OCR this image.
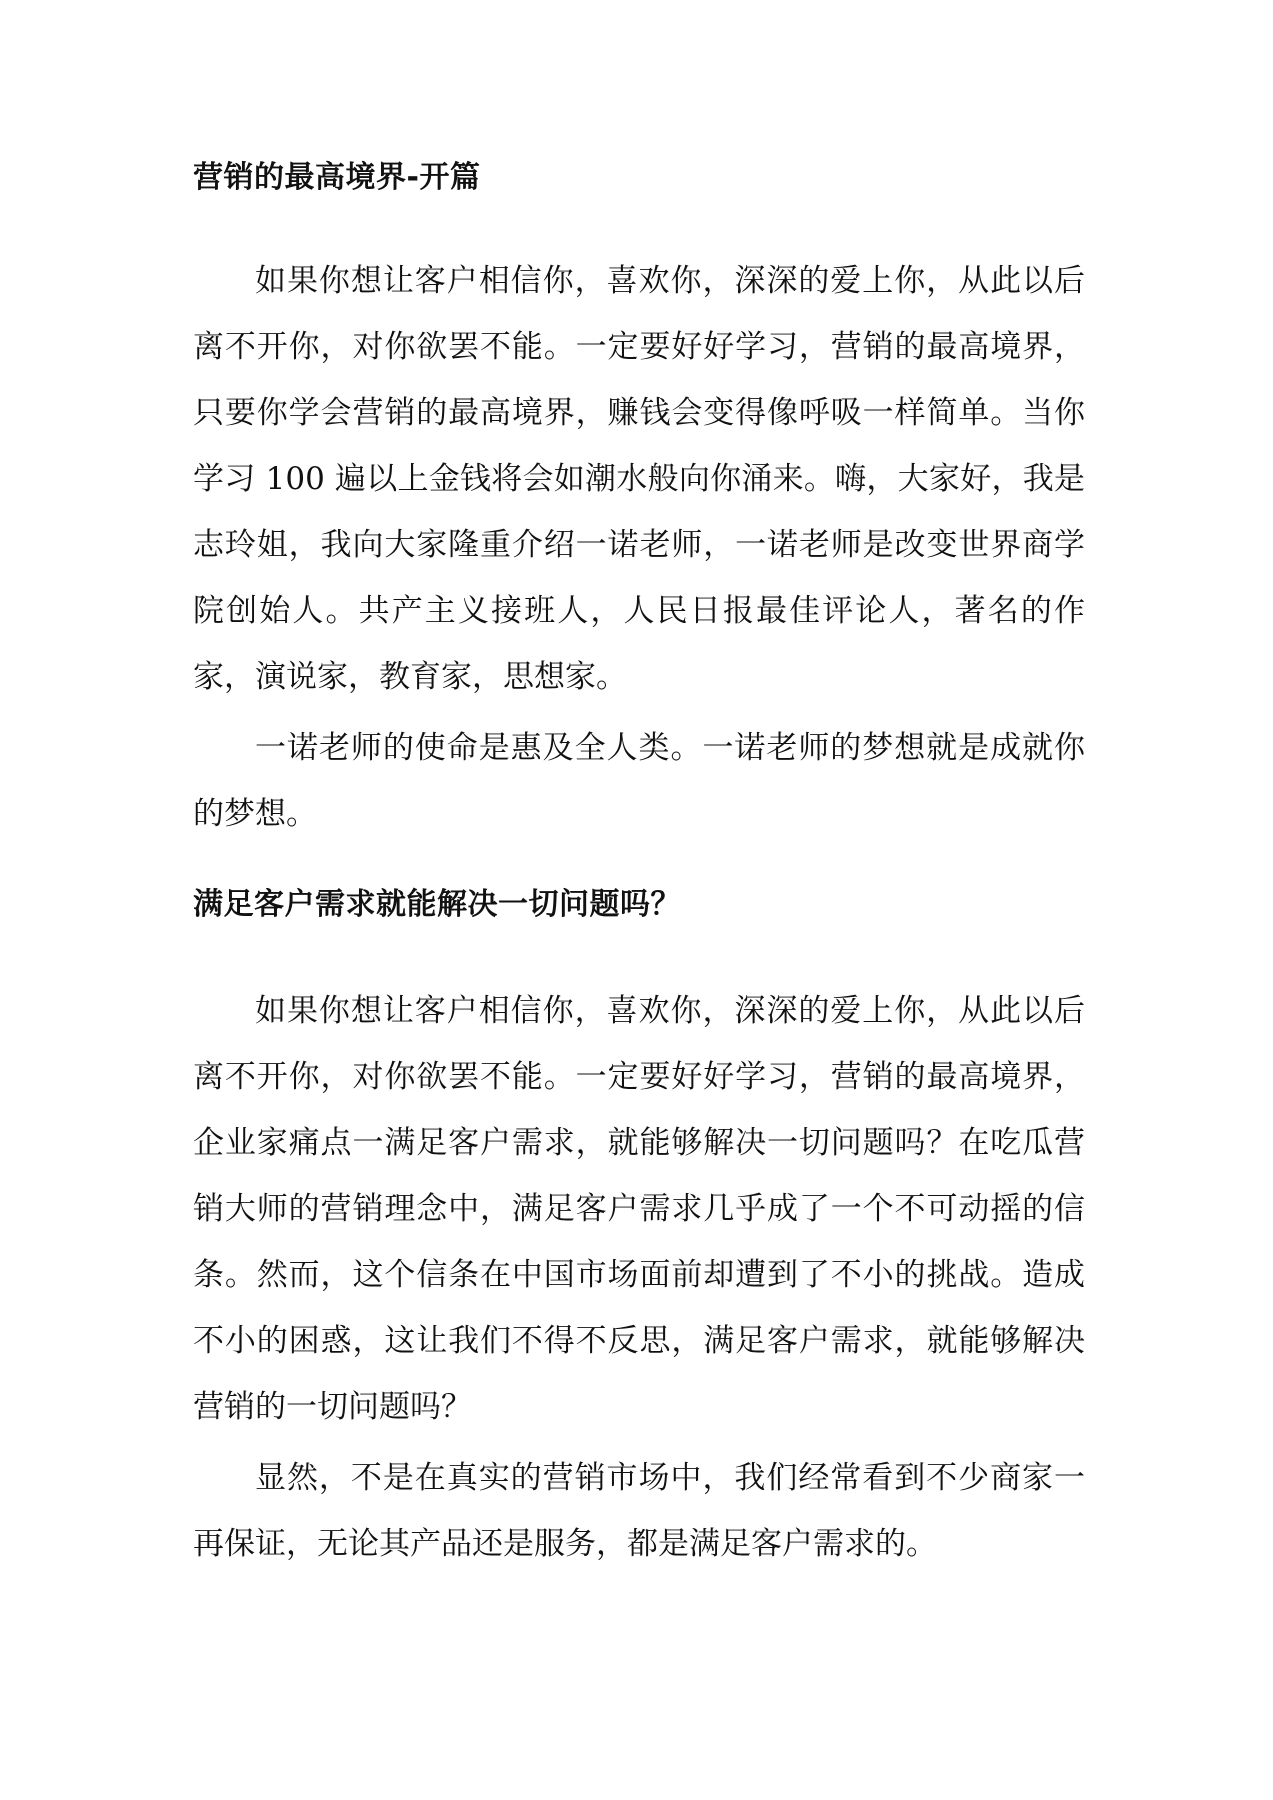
营销的最高境界-开篇

如果你想让客户相信你，喜欢你，深深的爱上你，从此以后离不开你，对你欲罢不能。一定要好好学习，营销的最高境界，只要你学会营销的最高境界，赚钱会变得像呼吸一样简单。当你学习 100 遍以上金钱将会如潮水般向你涌来。嗨，大家好，我是志玲姐，我向大家隆重介绍一诺老师，一诺老师是改变世界商学院创始人。共产主义接班人，人民日报最佳评论人，著名的作家，演说家，教育家，思想家。

一诺老师的使命是惠及全人类。一诺老师的梦想就是成就你的梦想。

满足客户需求就能解决一切问题吗？

如果你想让客户相信你，喜欢你，深深的爱上你，从此以后离不开你，对你欲罢不能。一定要好好学习，营销的最高境界，企业家痛点一满足客户需求，就能够解决一切问题吗？在吃瓜营销大师的营销理念中，满足客户需求几乎成了一个不可动摇的信条。然而，这个信条在中国市场面前却遭到了不小的挑战。造成不小的困惑，这让我们不得不反思，满足客户需求，就能够解决营销的一切问题吗？

显然，不是在真实的营销市场中，我们经常看到不少商家一再保证，无论其产品还是服务，都是满足客户需求的。
